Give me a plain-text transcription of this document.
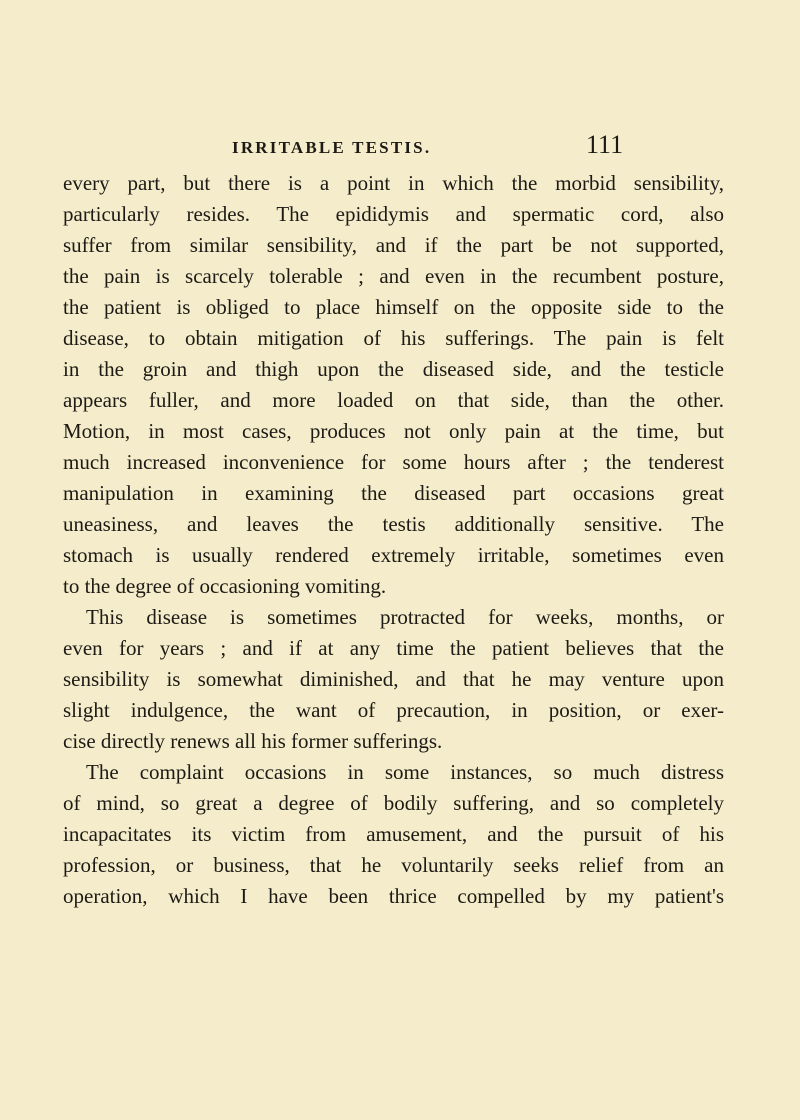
IRRITABLE TESTIS.	111
every part, but there is a point in which the morbid sensibility,
particularly resides. The epididymis and spermatic cord, also
suffer from similar sensibility, and if the part be not supported,
the pain is scarcely tolerable ; and even in the recumbent posture,
the patient is obliged to place himself on the opposite side to the
disease, to obtain mitigation of his sufferings. The pain is felt
in the groin and thigh upon the diseased side, and the testicle
appears fuller, and more loaded on that side, than the other.
Motion, in most cases, produces not only pain at the time, but
much increased inconvenience for some hours after ; the tenderest
manipulation in examining the diseased part occasions great
uneasiness, and leaves the testis additionally sensitive. The
stomach is usually rendered extremely irritable, sometimes even
to the degree of occasioning vomiting.
This disease is sometimes protracted for weeks, months, or
even for years ; and if at any time the patient believes that the
sensibility is somewhat diminished, and that he may venture upon
slight indulgence, the want of precaution, in position, or exer-
cise directly renews all his former sufferings.
The complaint occasions in some instances, so much distress
of mind, so great a degree of bodily suffering, and so completely
incapacitates its victim from amusement, and the pursuit of his
profession, or business, that he voluntarily seeks relief from an
operation, which I have been thrice compelled by my patient's
